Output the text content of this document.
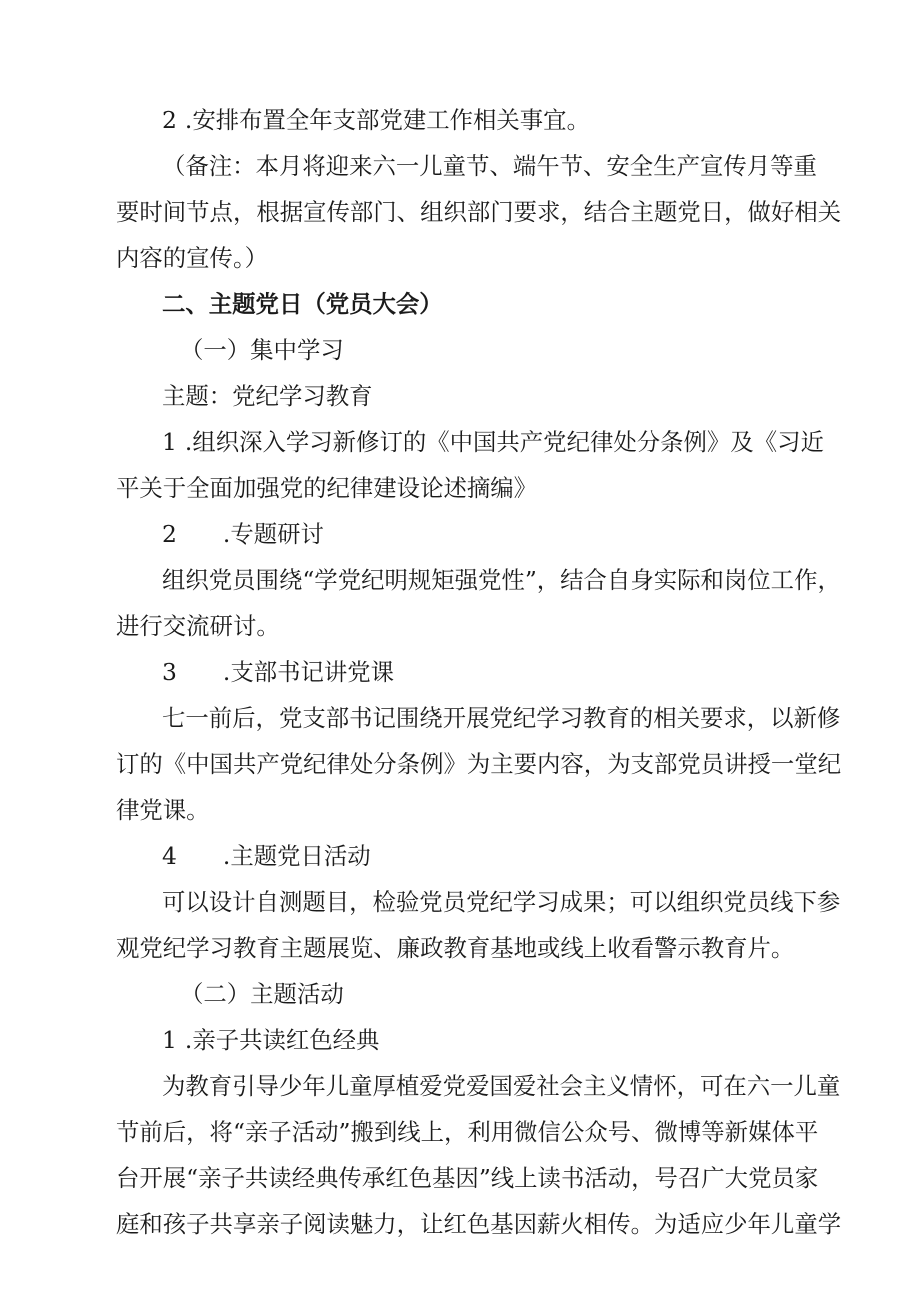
2 .安排布置全年支部党建工作相关事宜。
（备注：本月将迎来六一儿童节、端午节、安全生产宣传月等重
要时间节点，根据宣传部门、组织部门要求，结合主题党日，做好相关
内容的宣传。）
二、主题党日（党员大会）
（一）集中学习
主题：党纪学习教育
1 .组织深入学习新修订的《中国共产党纪律处分条例》及《习近
平关于全面加强党的纪律建设论述摘编》
2 .专题研讨
组织党员围绕“学党纪明规矩强党性”，结合自身实际和岗位工作，
进行交流研讨。
3 .支部书记讲党课
七一前后，党支部书记围绕开展党纪学习教育的相关要求，以新修
订的《中国共产党纪律处分条例》为主要内容，为支部党员讲授一堂纪
律党课。
4 .主题党日活动
可以设计自测题目，检验党员党纪学习成果；可以组织党员线下参
观党纪学习教育主题展览、廉政教育基地或线上收看警示教育片。
（二）主题活动
1 .亲子共读红色经典
为教育引导少年儿童厚植爱党爱国爱社会主义情怀，可在六一儿童
节前后，将“亲子活动”搬到线上，利用微信公众号、微博等新媒体平
台开展“亲子共读经典传承红色基因”线上读书活动，号召广大党员家
庭和孩子共享亲子阅读魅力，让红色基因薪火相传。为适应少年儿童学
